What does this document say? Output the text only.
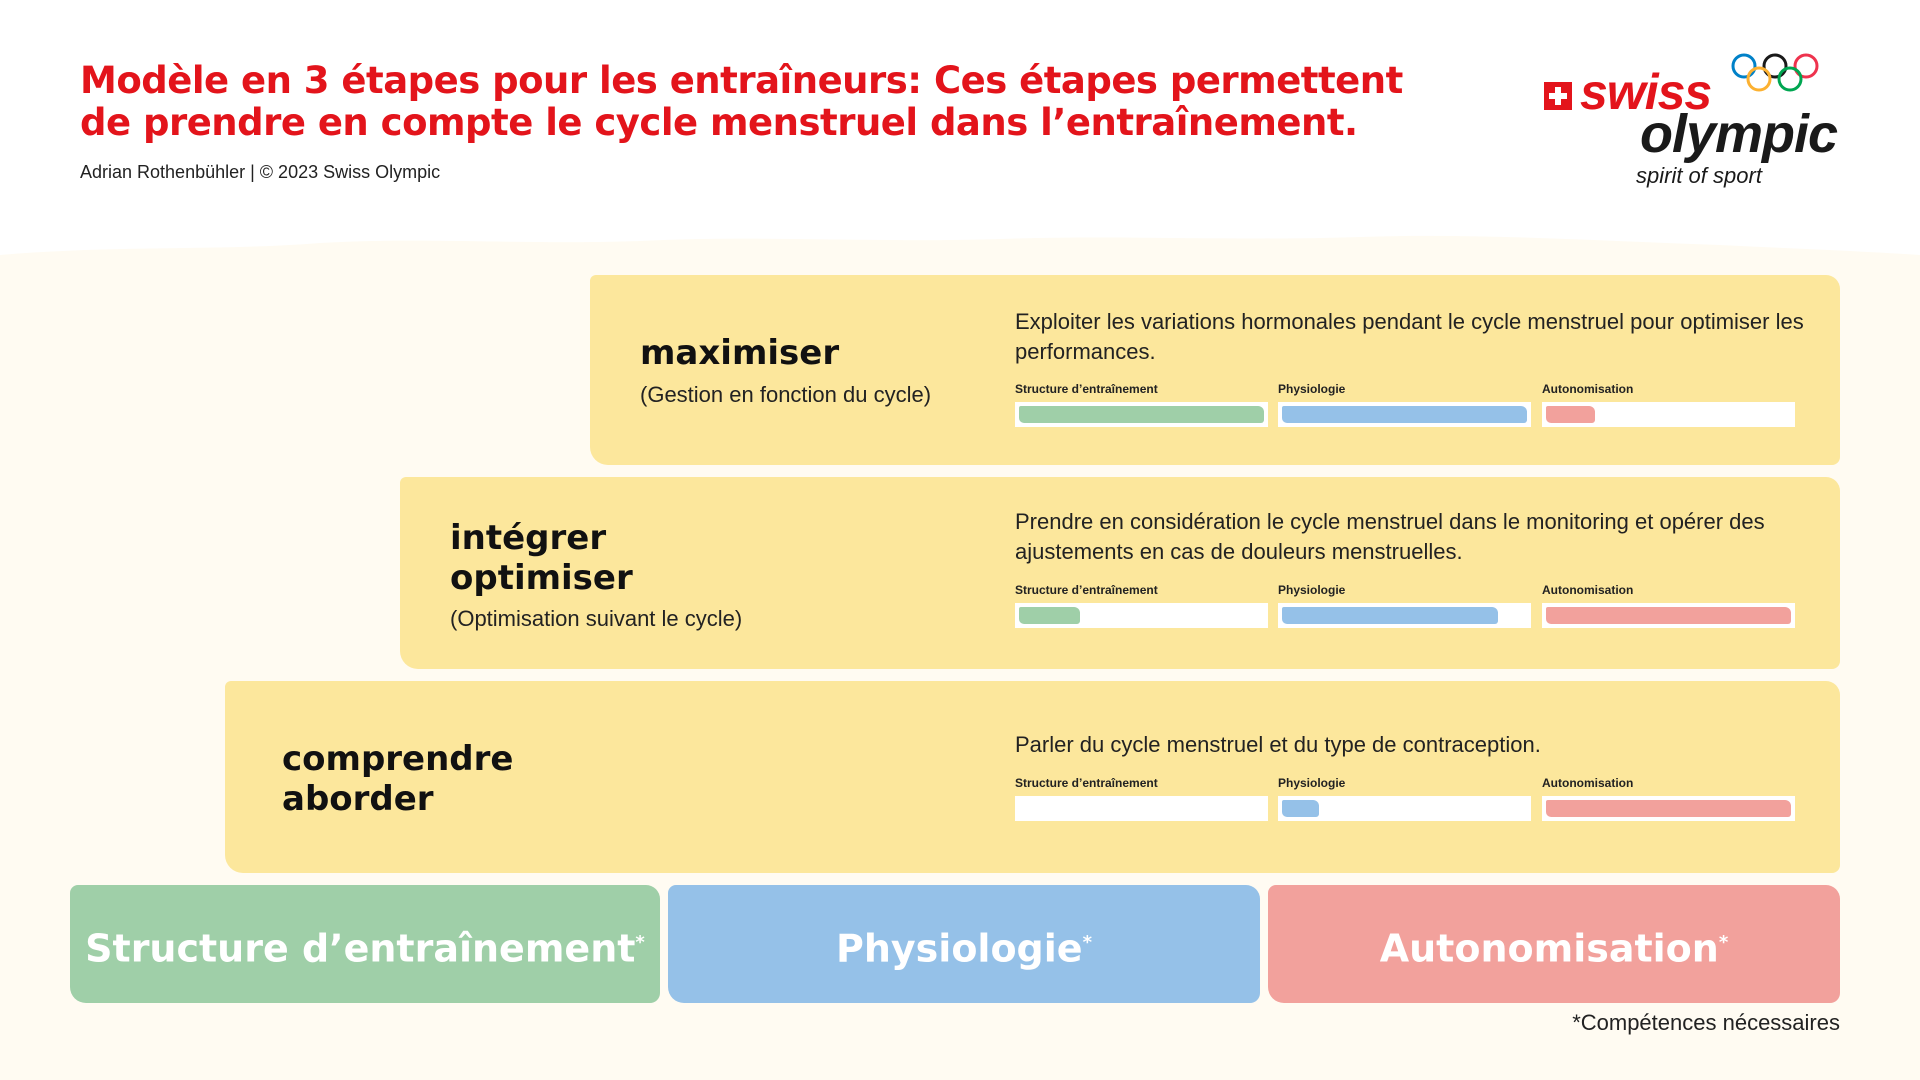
Modèle en 3 étapes pour les entraîneurs: Ces étapes permettent de prendre en compte le cycle menstruel dans l’entraînement.
Adrian Rothenbühler | © 2023 Swiss Olympic
swiss
olympic
spirit of sport
maximiser
(Gestion en fonction du cycle)
Exploiter les variations hormonales pendant le cycle menstruel pour optimiser les performances.
Structure d’entraînement	Physiologie	Autonomisation
intégrer
optimiser
(Optimisation suivant le cycle)
Prendre en considération le cycle menstruel dans le monitoring et opérer des ajustements en cas de douleurs menstruelles.
Structure d’entraînement	Physiologie	Autonomisation
comprendre
aborder
Parler du cycle menstruel et du type de contraception.
Structure d’entraînement	Physiologie	Autonomisation
Structure d’entraînement*	Physiologie*	Autonomisation*
*Compétences nécessaires
